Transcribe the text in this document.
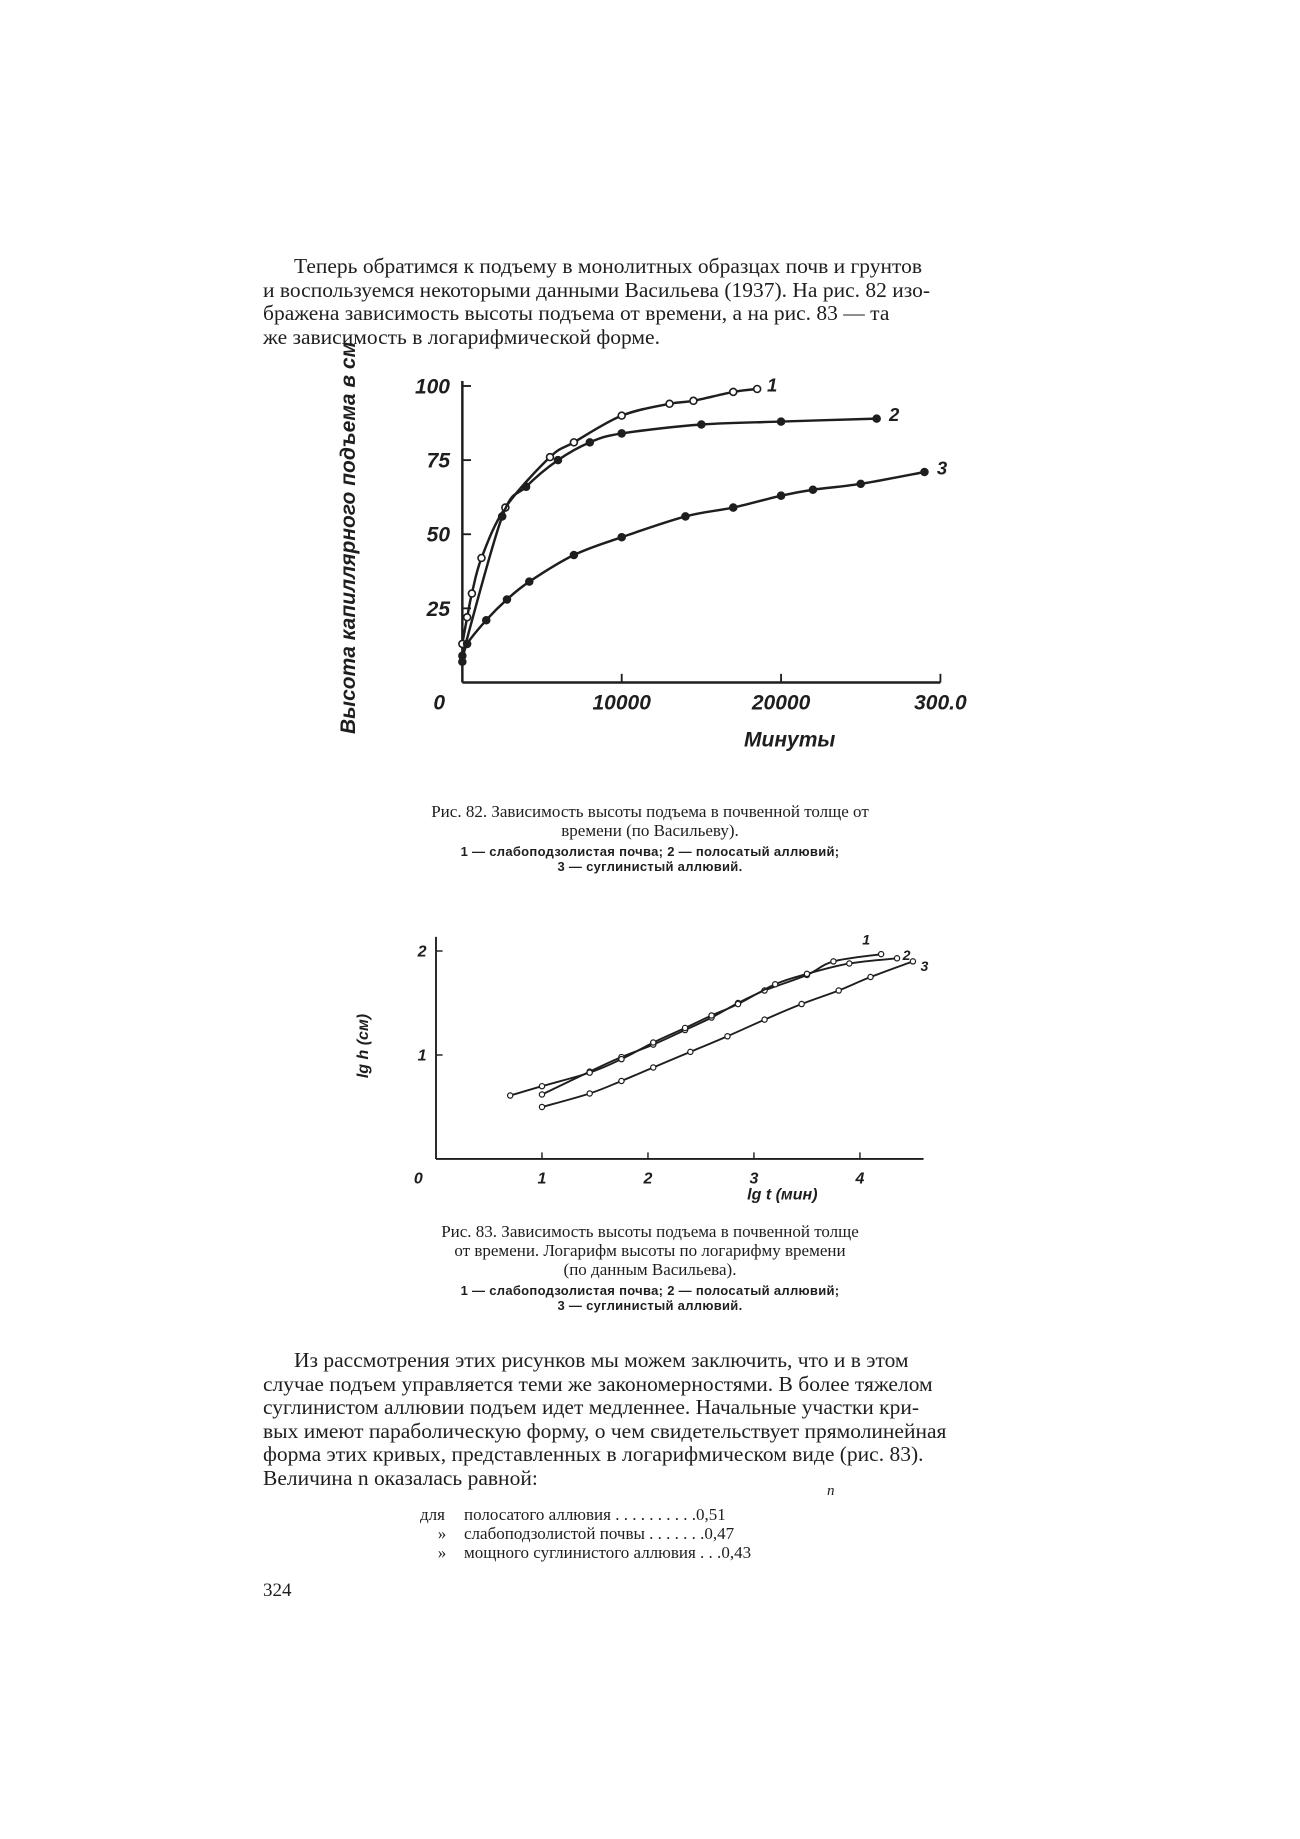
Теперь обратимся к подъему в монолитных образцах почв и грунтов
и воспользуемся некоторыми данными Васильева (1937). На рис. 82 изо-
бражена зависимость высоты подъема от времени, а на рис. 83 — та
же зависимость в логарифмической форме.
10000	20000	300.0
25
50
75
100
0
Минуты
Высота капиллярного подъема в см	1
2
3
Рис. 82. Зависимость высоты подъема в почвенной толще от
времени (по Васильеву).
1 — слабоподзолистая почва; 2 — полосатый аллювий;
3 — суглинистый аллювий.
1	2	3	4
1
2
0
lg t (мин)
lg h (см)
1
2
3
Рис. 83. Зависимость высоты подъема в почвенной толще
от времени. Логарифм высоты по логарифму времени
(по данным Васильева).
1 — слабоподзолистая почва; 2 — полосатый аллювий;
3 — суглинистый аллювий.
Из рассмотрения этих рисунков мы можем заключить, что и в этом
случае подъем управляется теми же закономерностями. В более тяжелом
суглинистом аллювии подъем идет медленнее. Начальные участки кри-
вых имеют параболическую форму, о чем свидетельствует прямолинейная
форма этих кривых, представленных в логарифмическом виде (рис. 83).
Величина n оказалась равной:
n
для	полосатого аллювия . . . . . . . . . . 0,51
»	слабоподзолистой почвы . . . . . . . 0,47
»	мощного суглинистого аллювия . . . 0,43
324
